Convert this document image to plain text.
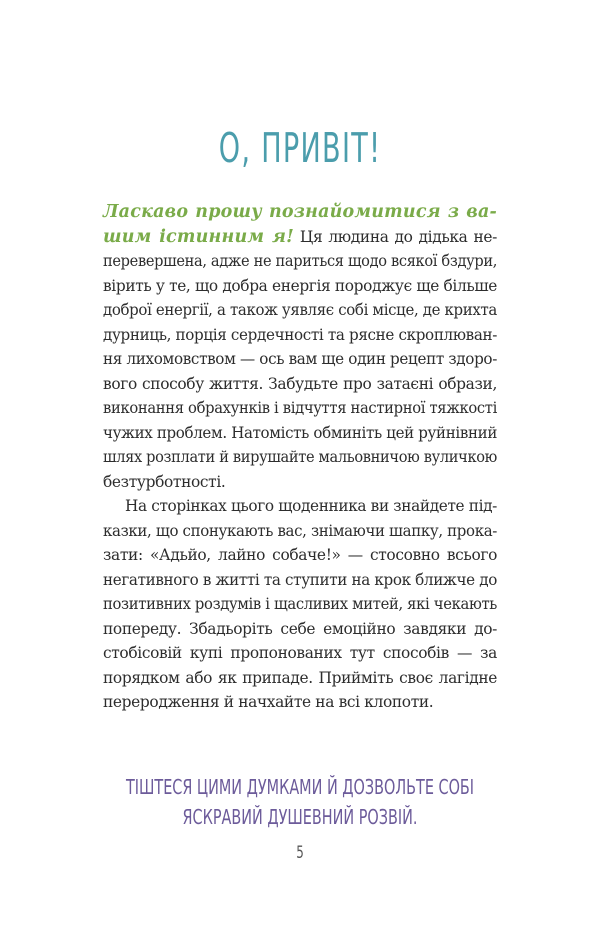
О, ПРИВІТ!
Ласкаво прошу познайомитися з ва-
шим істинним я! Ця людина до дідька не-
перевершена, адже не париться щодо всякої бздури,
вірить у те, що добра енергія породжує ще більше
доброї енергії, а також уявляє собі місце, де крихта
дурниць, порція сердечності та рясне скроплюван-
ня лихомовством — ось вам ще один рецепт здоро-
вого способу життя. Забудьте про затаєні образи,
виконання обрахунків і відчуття настирної тяжкості
чужих проблем. Натомість обминіть цей руйнівний
шлях розплати й вирушайте мальовничою вуличкою
безтурботності.
На сторінках цього щоденника ви знайдете під-
казки, що спонукають вас, знімаючи шапку, прока-
зати: «Адьйо, лайно собаче!» — стосовно всього
негативного в житті та ступити на крок ближче до
позитивних роздумів і щасливих митей, які чекають
попереду. Збадьоріть себе емоційно завдяки до-
стобісовій купі пропонованих тут способів — за
порядком або як припаде. Прийміть своє лагідне
переродження й начхайте на всі клопоти.
ТІШТЕСЯ ЦИМИ ДУМКАМИ Й ДОЗВОЛЬТЕ СОБІ
ЯСКРАВИЙ ДУШЕВНИЙ РОЗВІЙ.
5
